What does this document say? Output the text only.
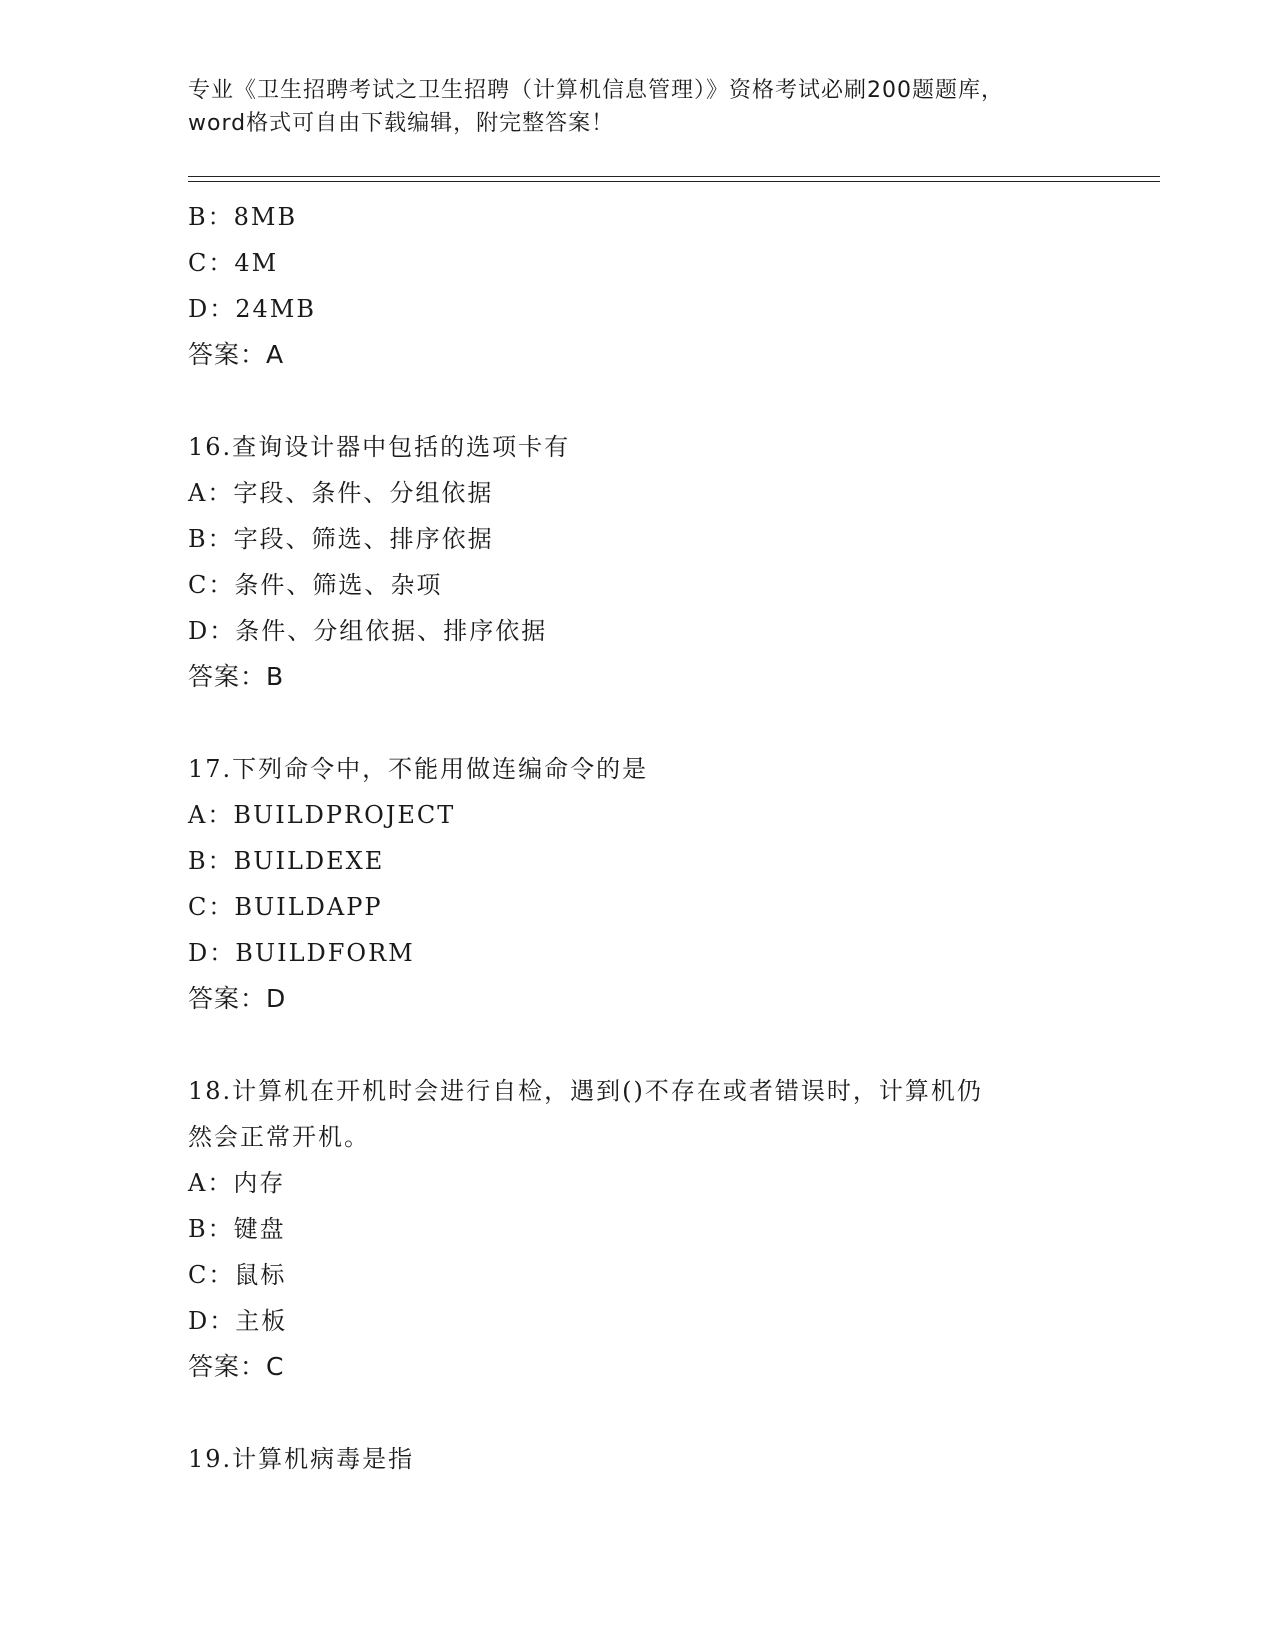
专业《卫生招聘考试之卫生招聘（计算机信息管理）》资格考试必刷200题题库，
word格式可自由下载编辑，附完整答案！
B：8MB
C：4M
D：24MB
答案：A
16.查询设计器中包括的选项卡有
A：字段、条件、分组依据
B：字段、筛选、排序依据
C：条件、筛选、杂项
D：条件、分组依据、排序依据
答案：B
17.下列命令中，不能用做连编命令的是
A：BUILDPROJECT
B：BUILDEXE
C：BUILDAPP
D：BUILDFORM
答案：D
18.计算机在开机时会进行自检，遇到()不存在或者错误时，计算机仍
然会正常开机。
A：内存
B：键盘
C：鼠标
D：主板
答案：C
19.计算机病毒是指
